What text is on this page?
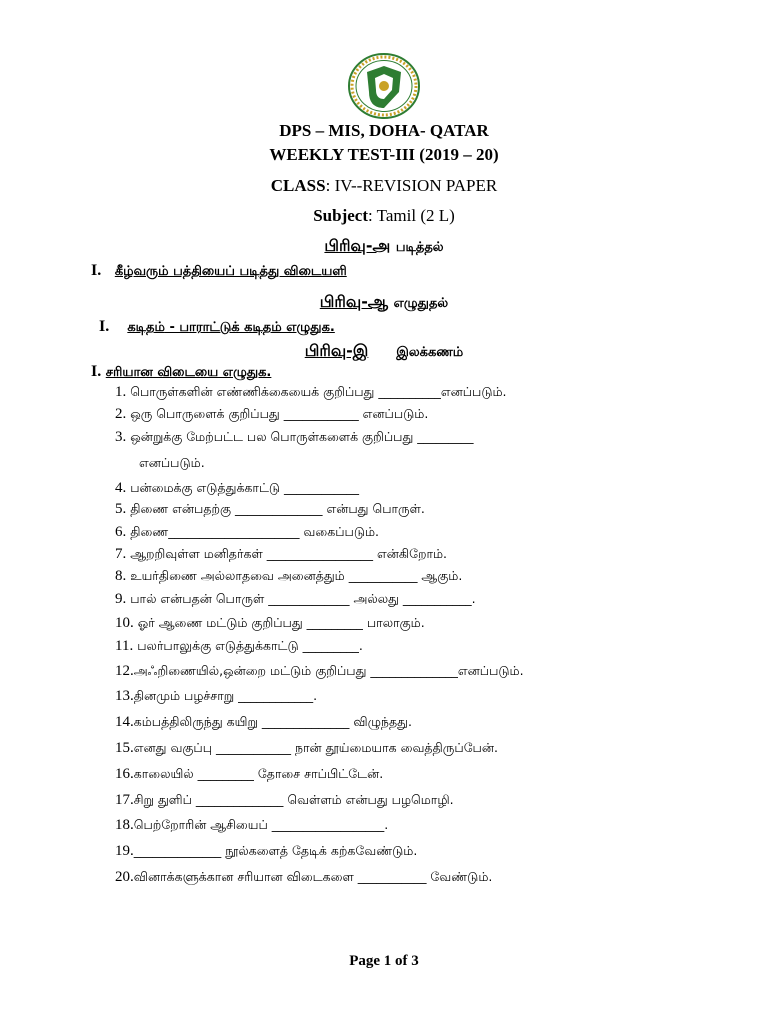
DPS – MIS, DOHA- QATAR
WEEKLY TEST-III (2019 – 20)
CLASS: IV--REVISION PAPER
Subject: Tamil (2 L)
பிரிவு-அ படித்தல்
I. கீழ்வரும் பத்தியைப் படித்து விடையளி
பிரிவு-ஆ எழுதுதல்
I. கடிதம் - பாராட்டுக் கடிதம் எழுதுக.
பிரிவு-இ இலக்கணம்
I. சரியான விடையை எழுதுக.
1. பொருள்களின் எண்ணிக்கையைக் குறிப்பது __________எனப்படும்.
2. ஒரு பொருளைக் குறிப்பது ____________ எனப்படும்.
3. ஒன்றுக்கு மேற்பட்ட பல பொருள்களைக் குறிப்பது _________
எனப்படும்.
4. பன்மைக்கு எடுத்துக்காட்டு ____________
5. திணை என்பதற்கு ______________ என்பது பொருள்.
6. திணை_____________________ வகைப்படும்.
7. ஆறறிவுள்ள மனிதர்கள் _________________ என்கிறோம்.
8. உயர்திணை அல்லாதவை அனைத்தும் ___________ ஆகும்.
9. பால் என்பதன் பொருள் _____________ அல்லது ___________.
10. ஓர் ஆணை மட்டும் குறிப்பது _________ பாலாகும்.
11. பலர்பாலுக்கு எடுத்துக்காட்டு _________.
12.அஃறிணையில்,ஒன்றை மட்டும் குறிப்பது ______________எனப்படும்.
13.தினமும் பழச்சாறு ____________.
14.கம்பத்திலிருந்து கயிறு ______________ விழுந்தது.
15.எனது வகுப்பு ____________ நான் தூய்மையாக வைத்திருப்பேன்.
16.காலையில் _________ தோசை சாப்பிட்டேன்.
17.சிறு துளிப் ______________ வெள்ளம் என்பது பழமொழி.
18.பெற்றோரின் ஆசியைப் __________________.
19.______________ நூல்களைத் தேடிக் கற்கவேண்டும்.
20.வினாக்களுக்கான சரியான விடைகளை ___________ வேண்டும்.
Page 1 of 3
